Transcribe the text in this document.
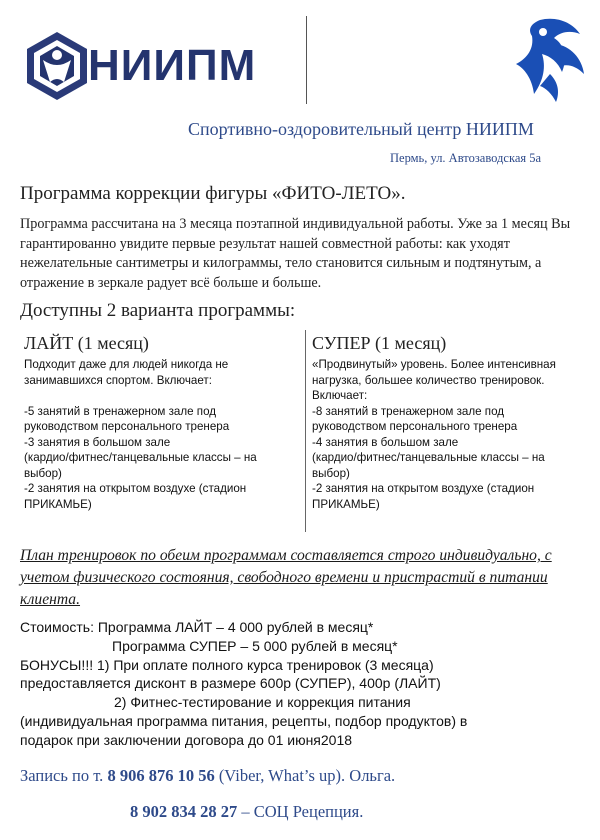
НИИПМ
Спортивно-оздоровительный центр НИИПМ
Пермь, ул. Автозаводская 5а
Программа коррекции фигуры «ФИТО-ЛЕТО».
Программа рассчитана на 3 месяца поэтапной индивидуальной работы. Уже за 1 месяц Вы гарантированно увидите первые результат нашей совместной работы: как уходят нежелательные сантиметры и килограммы, тело становится сильным и подтянутым, а отражение в зеркале радует всё больше и больше.
Доступны 2 варианта программы:
ЛАЙТ (1 месяц)

Подходит даже для людей никогда не

занимавшихся спортом. Включает:

-5 занятий в тренажерном зале под

руководством персонального тренера

-3 занятия в большом зале

(кардио/фитнес/танцевальные классы – на

выбор)

-2 занятия на открытом воздухе (стадион

ПРИКАМЬЕ)

СУПЕР (1 месяц)

«Продвинутый» уровень. Более интенсивная

нагрузка, большее количество тренировок.

Включает:

-8 занятий в тренажерном зале под

руководством персонального тренера

-4 занятия в большом зале

(кардио/фитнес/танцевальные классы – на

выбор)

-2 занятия на открытом воздухе (стадион

ПРИКАМЬЕ)

План тренировок по обеим программам составляется строго индивидуально, с учетом физического состояния, свободного времени и пристрастий в питании клиента.

Стоимость: Программа ЛАЙТ – 4 000 рублей в месяц*

Программа СУПЕР – 5 000 рублей в месяц*

БОНУСЫ!!! 1) При оплате полного курса тренировок (3 месяца)

предоставляется дисконт в размере 600р (СУПЕР), 400р (ЛАЙТ)

2) Фитнес-тестирование и коррекция питания

(индивидуальная программа питания, рецепты, подбор продуктов) в

подарок при заключении договора до 01 июня2018

Запись по т. 8 906 876 10 56 (Viber, What’s up). Ольга.
8 902 834 28 27 – СОЦ Рецепция.
